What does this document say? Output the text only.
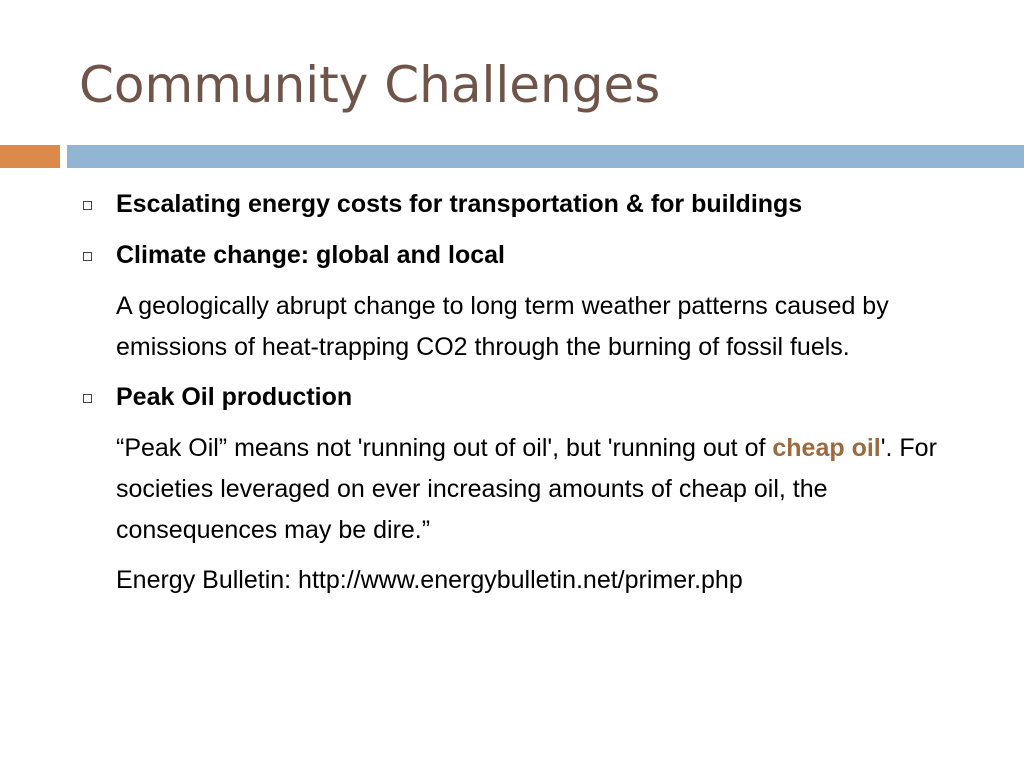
Community Challenges
Escalating energy costs for transportation & for buildings
Climate change: global and local
A geologically abrupt change to long term weather patterns caused by emissions of heat-trapping CO2 through the burning of fossil fuels.
Peak Oil production
“Peak Oil” means not 'running out of oil', but 'running out of cheap oil'. For societies leveraged on ever increasing amounts of cheap oil, the consequences may be dire.”
Energy Bulletin: http://www.energybulletin.net/primer.php
